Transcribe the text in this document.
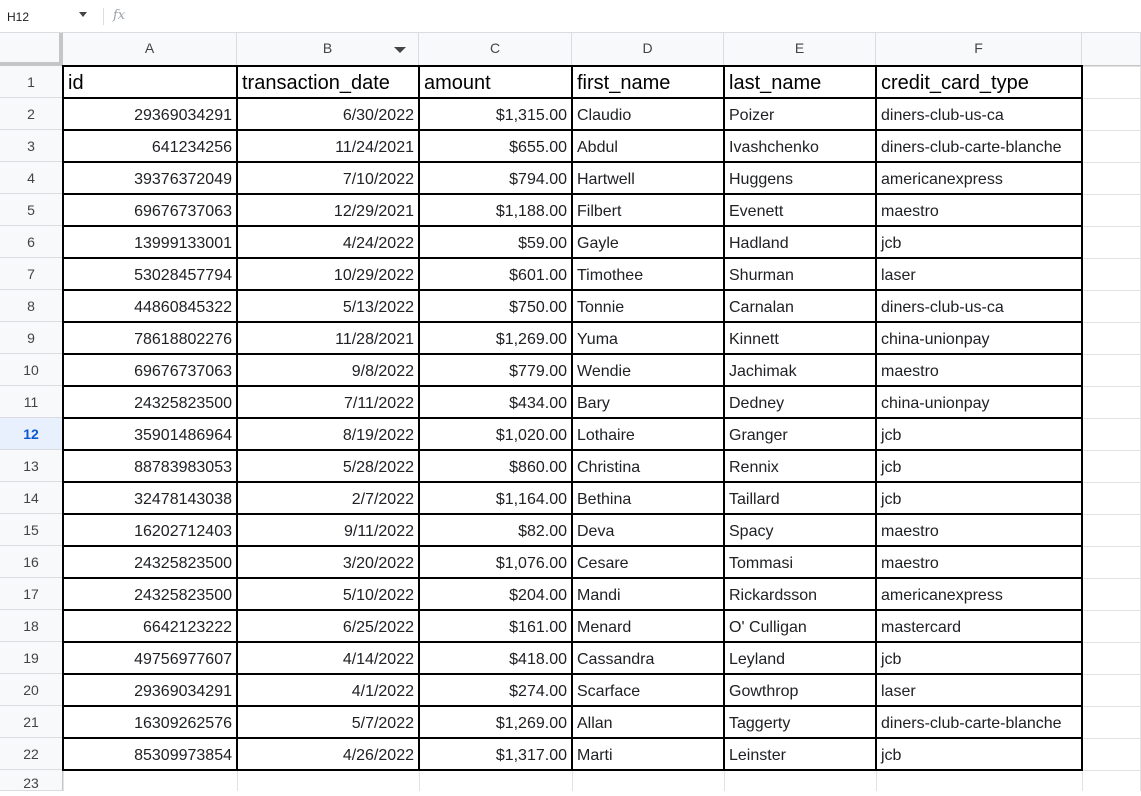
H12	fx
A	B	C	D	E	F
1
2
3
4
5
6
7
8
9
10
11
12
13
14
15
16
17
18
19
20
21
22
23
id	transaction_date	amount	first_name	last_name	credit_card_type
29369034291	6/30/2022	$1,315.00 Claudio	Poizer	diners-club-us-ca
641234256	11/24/2021	$655.00 Abdul	Ivashchenko	diners-club-carte-blanche
39376372049	7/10/2022	$794.00 Hartwell	Huggens	americanexpress
69676737063	12/29/2021	$1,188.00 Filbert	Evenett	maestro
13999133001	4/24/2022	$59.00 Gayle	Hadland	jcb
53028457794	10/29/2022	$601.00 Timothee	Shurman	laser
44860845322	5/13/2022	$750.00 Tonnie	Carnalan	diners-club-us-ca
78618802276	11/28/2021	$1,269.00 Yuma	Kinnett	china-unionpay
69676737063	9/8/2022	$779.00 Wendie	Jachimak	maestro
24325823500	7/11/2022	$434.00 Bary	Dedney	china-unionpay
35901486964	8/19/2022	$1,020.00 Lothaire	Granger	jcb
88783983053	5/28/2022	$860.00 Christina	Rennix	jcb
32478143038	2/7/2022	$1,164.00 Bethina	Taillard	jcb
16202712403	9/11/2022	$82.00 Deva	Spacy	maestro
24325823500	3/20/2022	$1,076.00 Cesare	Tommasi	maestro
24325823500	5/10/2022	$204.00 Mandi	Rickardsson	americanexpress
6642123222	6/25/2022	$161.00 Menard	O' Culligan	mastercard
49756977607	4/14/2022	$418.00 Cassandra	Leyland	jcb
29369034291	4/1/2022	$274.00 Scarface	Gowthrop	laser
16309262576	5/7/2022	$1,269.00 Allan	Taggerty	diners-club-carte-blanche
85309973854	4/26/2022	$1,317.00 Marti	Leinster	jcb
